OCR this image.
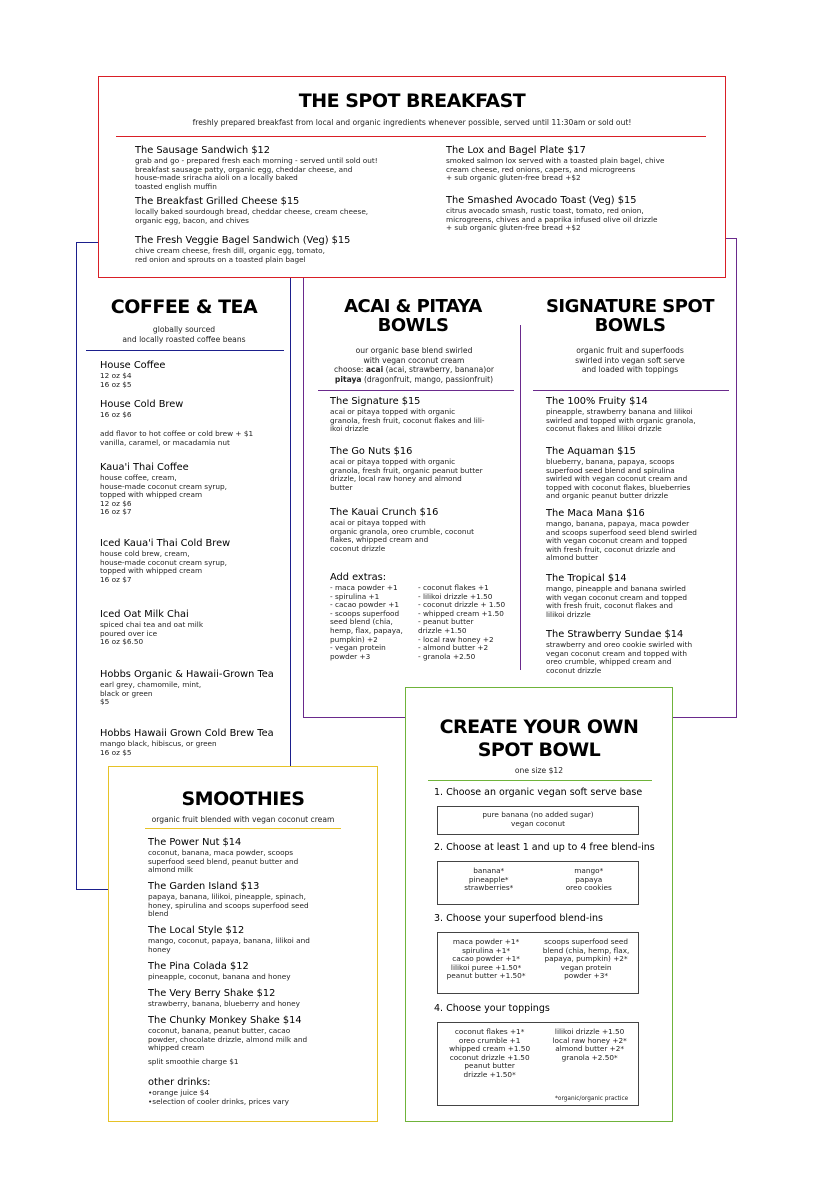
COFFEE & TEA
globally sourced
and locally roasted coffee beans
House Coffee
12 oz $4
16 oz $5
House Cold Brew
16 oz $6
add flavor to hot coffee or cold brew + $1
vanilla, caramel, or macadamia nut
Kaua'i Thai Coffee
house coffee, cream,
house-made coconut cream syrup,
topped with whipped cream
12 oz $6
16 oz $7
Iced Kaua'i Thai Cold Brew
house cold brew, cream,
house-made coconut cream syrup,
topped with whipped cream
16 oz $7
Iced Oat Milk Chai
spiced chai tea and oat milk
poured over ice
16 oz $6.50
Hobbs Organic & Hawaii-Grown Tea
earl grey, chamomile, mint,
black or green
$5
Hobbs Hawaii Grown Cold Brew Tea
mango black, hibiscus, or green
16 oz $5
ACAI & PITAYA
BOWLS
our organic base blend swirled
with vegan coconut cream
choose: acai (acai, strawberry, banana)or
pitaya (dragonfruit, mango, passionfruit)
The Signature $15
acai or pitaya topped with organic
granola, fresh fruit, coconut flakes and lili-
ikoi drizzle
The Go Nuts $16
acai or pitaya topped with organic
granola, fresh fruit, organic peanut butter
drizzle, local raw honey and almond
butter
The Kauai Crunch $16
acai or pitaya topped with
organic granola, oreo crumble, coconut
flakes, whipped cream and
coconut drizzle
Add extras:
- maca powder +1
- spirulina +1
- cacao powder +1
- scoops superfood
seed blend (chia,
hemp, flax, papaya,
pumpkin) +2
- vegan protein
powder +3
- coconut flakes +1
- lilikoi drizzle +1.50
- coconut drizzle + 1.50
- whipped cream +1.50
- peanut butter
drizzle +1.50
- local raw honey +2
- almond butter +2
- granola +2.50
SIGNATURE SPOT
BOWLS
organic fruit and superfoods
swirled into vegan soft serve
and loaded with toppings
The 100% Fruity $14
pineapple, strawberry banana and lilikoi
swirled and topped with organic granola,
coconut flakes and lilikoi drizzle
The Aquaman $15
blueberry, banana, papaya, scoops
superfood seed blend and spirulina
swirled with vegan coconut cream and
topped with coconut flakes, blueberries
and organic peanut butter drizzle
The Maca Mana $16
mango, banana, papaya, maca powder
and scoops superfood seed blend swirled
with vegan coconut cream and topped
with fresh fruit, coconut drizzle and
almond butter
The Tropical $14
mango, pineapple and banana swirled
with vegan coconut cream and topped
with fresh fruit, coconut flakes and
lilikoi drizzle
The Strawberry Sundae $14
strawberry and oreo cookie swirled with
vegan coconut cream and topped with
oreo crumble, whipped cream and
coconut drizzle
THE SPOT BREAKFAST
freshly prepared breakfast from local and organic ingredients whenever possible, served until 11:30am or sold out!
The Sausage Sandwich $12
grab and go - prepared fresh each morning - served until sold out!
breakfast sausage patty, organic egg, cheddar cheese, and
house-made sriracha aioli on a locally baked
toasted english muffin
The Breakfast Grilled Cheese $15
locally baked sourdough bread, cheddar cheese, cream cheese,
organic egg, bacon, and chives
The Fresh Veggie Bagel Sandwich (Veg) $15
chive cream cheese, fresh dill, organic egg, tomato,
red onion and sprouts on a toasted plain bagel
The Lox and Bagel Plate $17
smoked salmon lox served with a toasted plain bagel, chive
cream cheese, red onions, capers, and microgreens
+ sub organic gluten-free bread +$2
The Smashed Avocado Toast (Veg) $15
citrus avocado smash, rustic toast, tomato, red onion,
microgreens, chives and a paprika infused olive oil drizzle
+ sub organic gluten-free bread +$2
SMOOTHIES
organic fruit blended with vegan coconut cream
The Power Nut $14
coconut, banana, maca powder, scoops
superfood seed blend, peanut butter and
almond milk
The Garden Island $13
papaya, banana, lilikoi, pineapple, spinach,
honey, spirulina and scoops superfood seed
blend
The Local Style $12
mango, coconut, papaya, banana, lilikoi and
honey
The Pina Colada $12
pineapple, coconut, banana and honey
The Very Berry Shake $12
strawberry, banana, blueberry and honey
The Chunky Monkey Shake $14
coconut, banana, peanut butter, cacao
powder, chocolate drizzle, almond milk and
whipped cream
split smoothie charge $1
other drinks:
•orange juice $4
•selection of cooler drinks, prices vary
CREATE YOUR OWN
SPOT BOWL
one size $12
1. Choose an organic vegan soft serve base
pure banana (no added sugar)
vegan coconut
2. Choose at least 1 and up to 4 free blend-ins
banana*
pineapple*
strawberries*
mango*
papaya
oreo cookies
3. Choose your superfood blend-ins
maca powder +1*
spirulina +1*
cacao powder +1*
lilikoi puree +1.50*
peanut butter +1.50*
scoops superfood seed
blend (chia, hemp, flax,
papaya, pumpkin) +2*
vegan protein
powder +3*
4. Choose your toppings
coconut flakes +1*
oreo crumble +1
whipped cream +1.50
coconut drizzle +1.50
peanut butter
drizzle +1.50*
lilikoi drizzle +1.50
local raw honey +2*
almond butter +2*
granola +2.50*
*organic/organic practice
